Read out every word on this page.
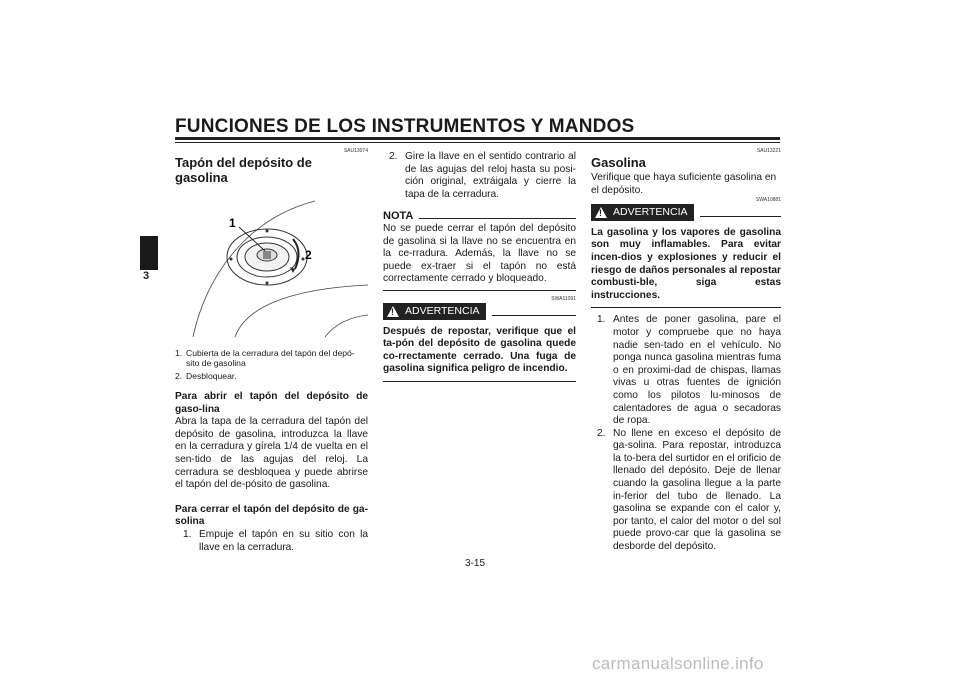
FUNCIONES DE LOS INSTRUMENTOS Y MANDOS
3
SAU13074
Tapón del depósito de gasolina
1
2
1. Cubierta de la cerradura del tapón del depó-sito de gasolina
2. Desbloquear.

Para abrir el tapón del depósito de gaso-lina

Abra la tapa de la cerradura del tapón del depósito de gasolina, introduzca la llave en la cerradura y gírela 1/4 de vuelta en el sen-tido de las agujas del reloj. La cerradura se desbloquea y puede abrirse el tapón del de-pósito de gasolina.

Para cerrar el tapón del depósito de ga-solina

1. Empuje el tapón en su sitio con la llave en la cerradura.
2. Gire la llave en el sentido contrario al de las agujas del reloj hasta su posi-ción original, extráigala y cierre la tapa de la cerradura.
NOTA

No se puede cerrar el tapón del depósito de gasolina si la llave no se encuentra en la ce-rradura. Además, la llave no se puede ex-traer si el tapón no está correctamente cerrado y bloqueado.

SWA11091
! ADVERTENCIA

Después de repostar, verifique que el ta-pón del depósito de gasolina quede co-rrectamente cerrado. Una fuga de gasolina significa peligro de incendio.

SAU13221
Gasolina

Verifique que haya suficiente gasolina en el depósito.

SWA10881
! ADVERTENCIA

La gasolina y los vapores de gasolina son muy inflamables. Para evitar incen-dios y explosiones y reducir el riesgo de daños personales al repostar combusti-ble, siga estas instrucciones.

1. Antes de poner gasolina, pare el motor y compruebe que no haya nadie sen-tado en el vehículo. No ponga nunca gasolina mientras fuma o en proximi-dad de chispas, llamas vivas u otras fuentes de ignición como los pilotos lu-minosos de calentadores de agua o secadoras de ropa.
2. No llene en exceso el depósito de ga-solina. Para repostar, introduzca la to-bera del surtidor en el orificio de llenado del depósito. Deje de llenar cuando la gasolina llegue a la parte in-ferior del tubo de llenado. La gasolina se expande con el calor y, por tanto, el calor del motor o del sol puede provo-car que la gasolina se desborde del depósito.
3-15
carmanualsonline.info
